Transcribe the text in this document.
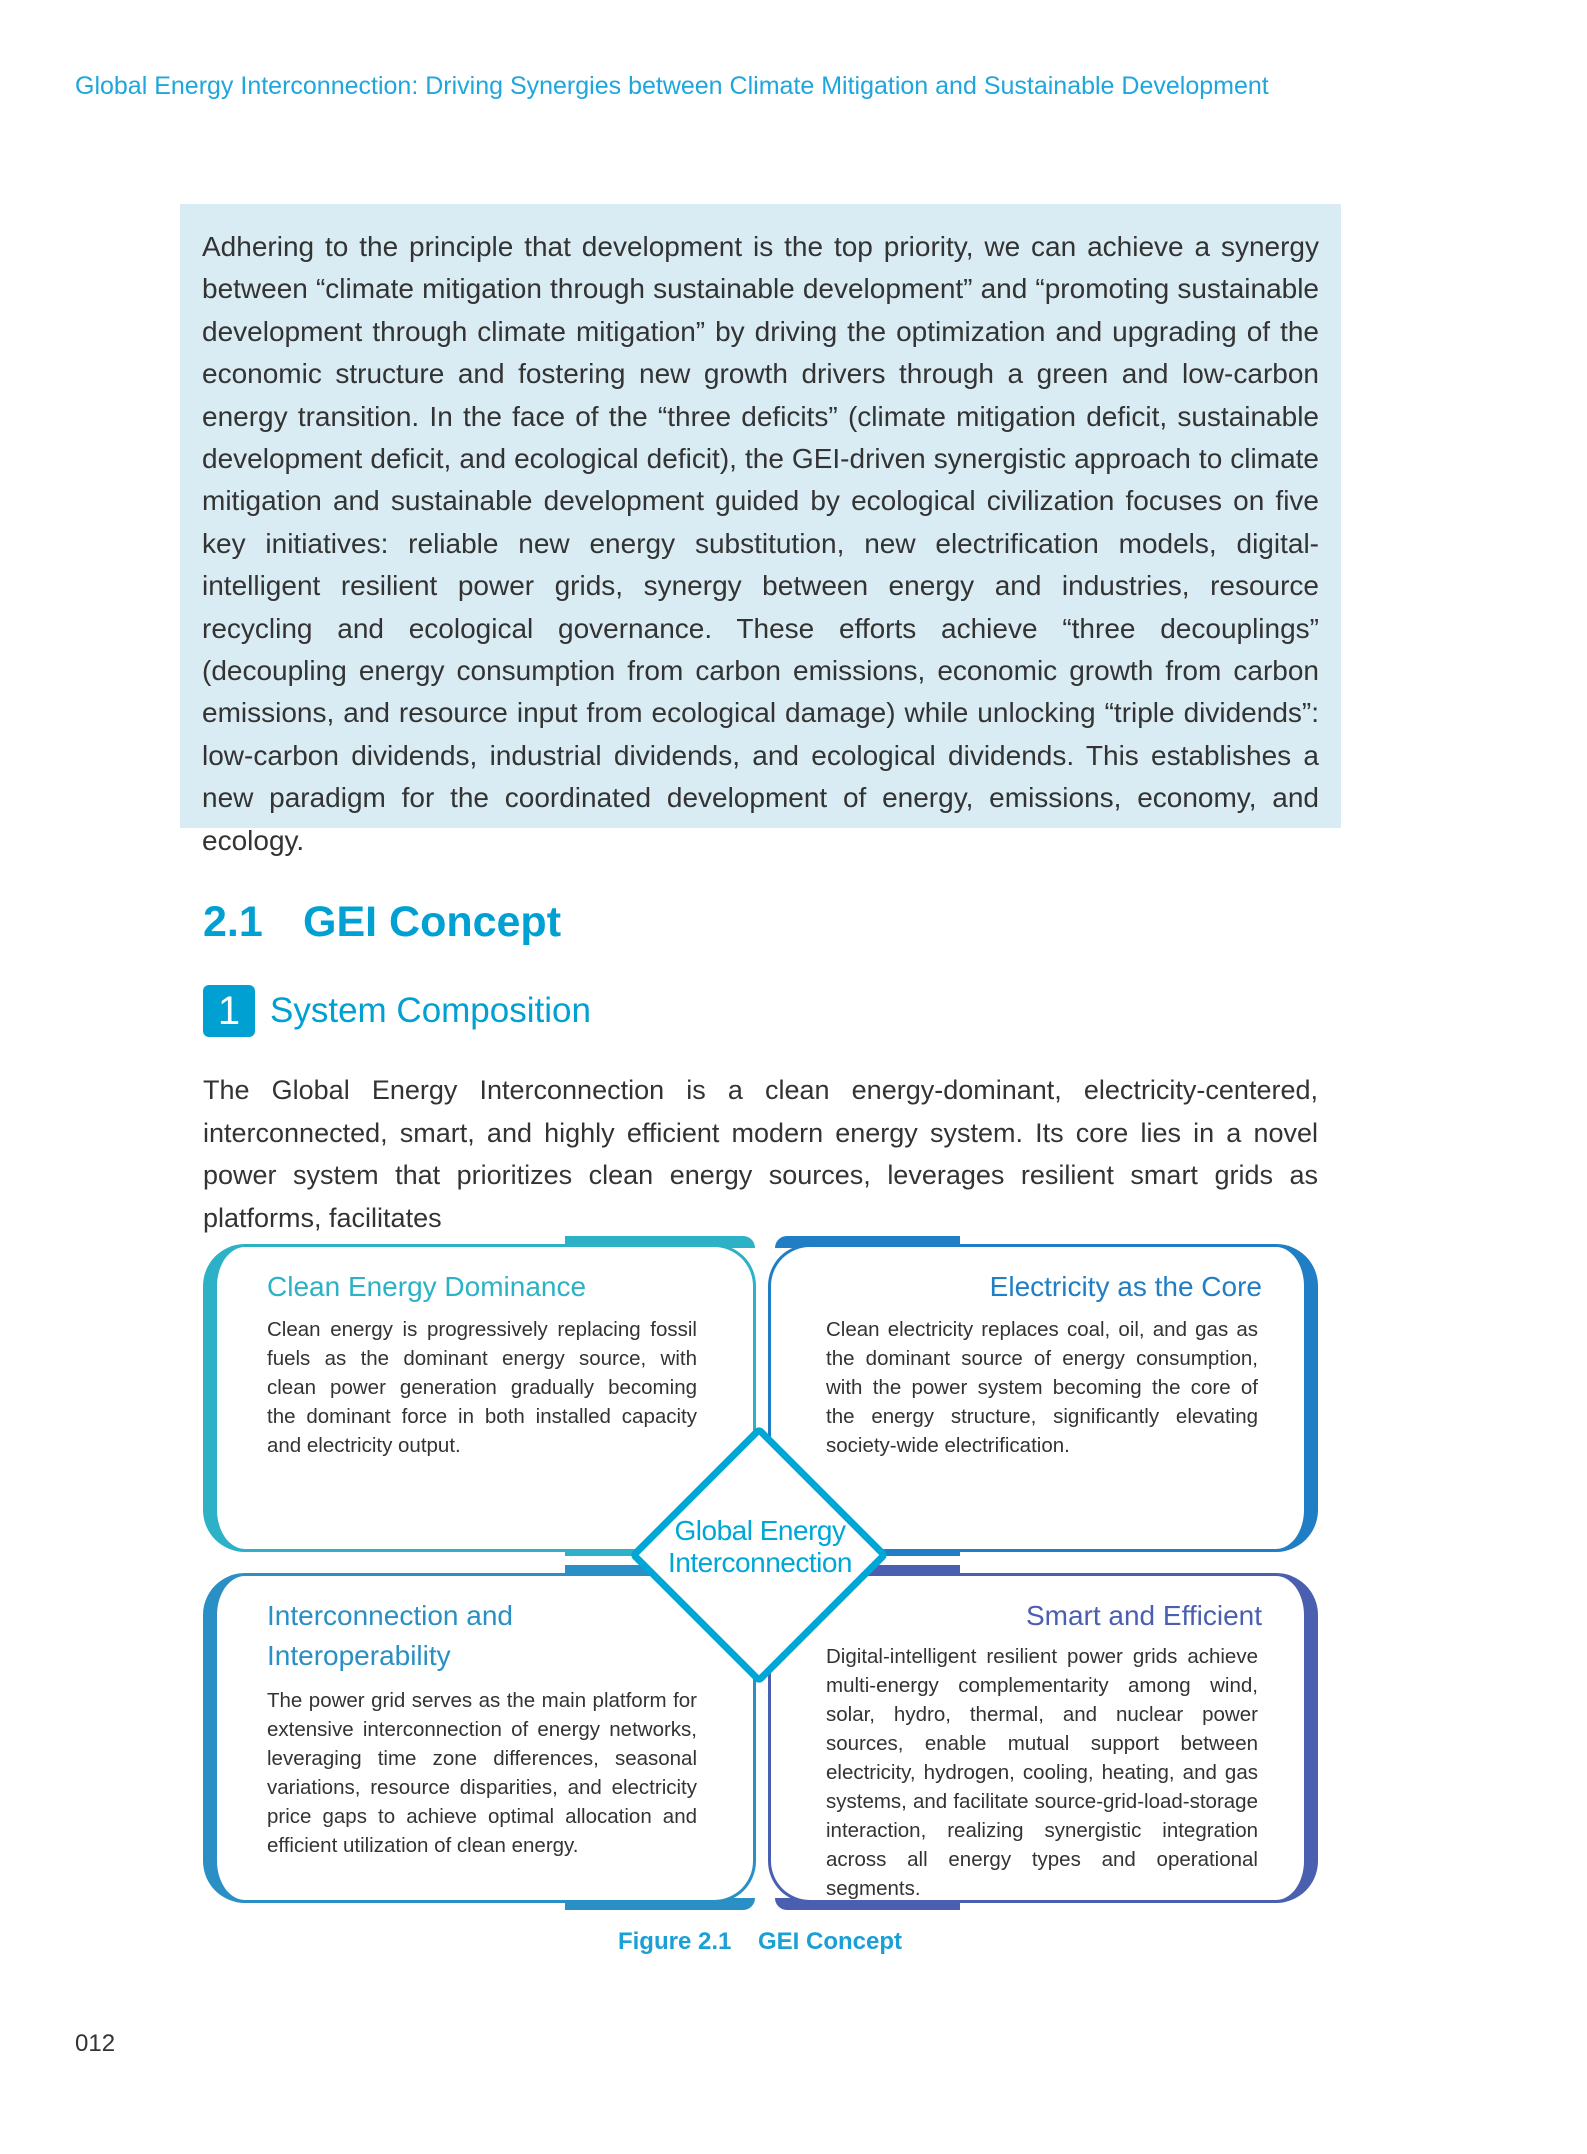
Global Energy Interconnection: Driving Synergies between Climate Mitigation and Sustainable Development
Adhering to the principle that development is the top priority, we can achieve a synergy between “climate mitigation through sustainable development” and “promoting sustainable development through climate mitigation” by driving the optimization and upgrading of the economic structure and fostering new growth drivers through a green and low-carbon energy transition. In the face of the “three deficits” (climate mitigation deficit, sustainable development deficit, and ecological deficit), the GEI-driven synergistic approach to climate mitigation and sustainable development guided by ecological civilization focuses on five key initiatives: reliable new energy substitution, new electrification models, digital-intelligent resilient power grids, synergy between energy and industries, resource recycling and ecological governance. These efforts achieve “three decouplings” (decoupling energy consumption from carbon emissions, economic growth from carbon emissions, and resource input from ecological damage) while unlocking “triple dividends”: low-carbon dividends, industrial dividends, and ecological dividends. This establishes a new paradigm for the coordinated development of energy, emissions, economy, and ecology.
2.1 GEI Concept
1 System Composition
The Global Energy Interconnection is a clean energy-dominant, electricity-centered, interconnected, smart, and highly efficient modern energy system. Its core lies in a novel power system that prioritizes clean energy sources, leverages resilient smart grids as platforms, facilitates
Clean Energy Dominance
Clean energy is progressively replacing fossil fuels as the dominant energy source, with clean power generation gradually becoming the dominant force in both installed capacity and electricity output.
Electricity as the Core
Clean electricity replaces coal, oil, and gas as the dominant source of energy consumption, with the power system becoming the core of the energy structure, significantly elevating society-wide electrification.
Interconnection and Interoperability
The power grid serves as the main platform for extensive interconnection of energy networks, leveraging time zone differences, seasonal variations, resource disparities, and electricity price gaps to achieve optimal allocation and efficient utilization of clean energy.
Smart and Efficient
Digital-intelligent resilient power grids achieve multi-energy complementarity among wind, solar, hydro, thermal, and nuclear power sources, enable mutual support between electricity, hydrogen, cooling, heating, and gas systems, and facilitate source-grid-load-storage interaction, realizing synergistic integration across all energy types and operational segments.
Global Energy
Interconnection
Figure 2.1    GEI Concept
012
